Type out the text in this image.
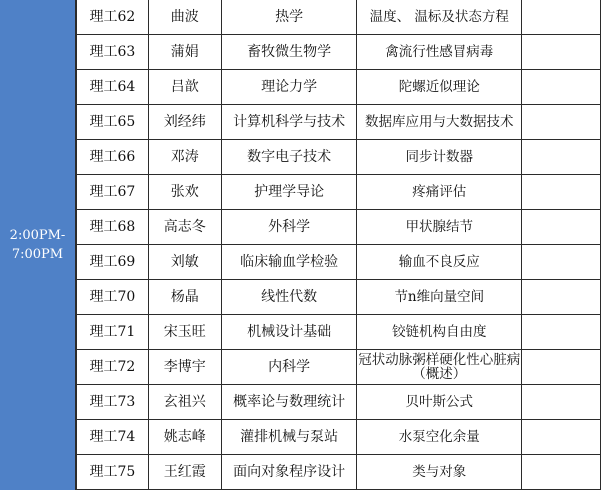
2:00PM-
7:00PM
理工62	曲波	热学	温度、 温标及状态方程	
理工63	蒲娟	畜牧微生物学	禽流行性感冒病毒	
理工64	吕歆	理论力学	陀螺近似理论	
理工65	刘经纬	计算机科学与技术	数据库应用与大数据技术	
理工66	邓涛	数字电子技术	同步计数器	
理工67	张欢	护理学导论	疼痛评估	
理工68	高志冬	外科学	甲状腺结节	
理工69	刘敏	临床输血学检验	输血不良反应	
理工70	杨晶	线性代数	节n维向量空间	
理工71	宋玉旺	机械设计基础	铰链机构自由度	
理工72	李博宇	内科学	冠状动脉粥样硬化性心脏病（概述）	
理工73	玄祖兴	概率论与数理统计	贝叶斯公式	
理工74	姚志峰	灌排机械与泵站	水泵空化余量	
理工75	王红霞	面向对象程序设计	类与对象	
